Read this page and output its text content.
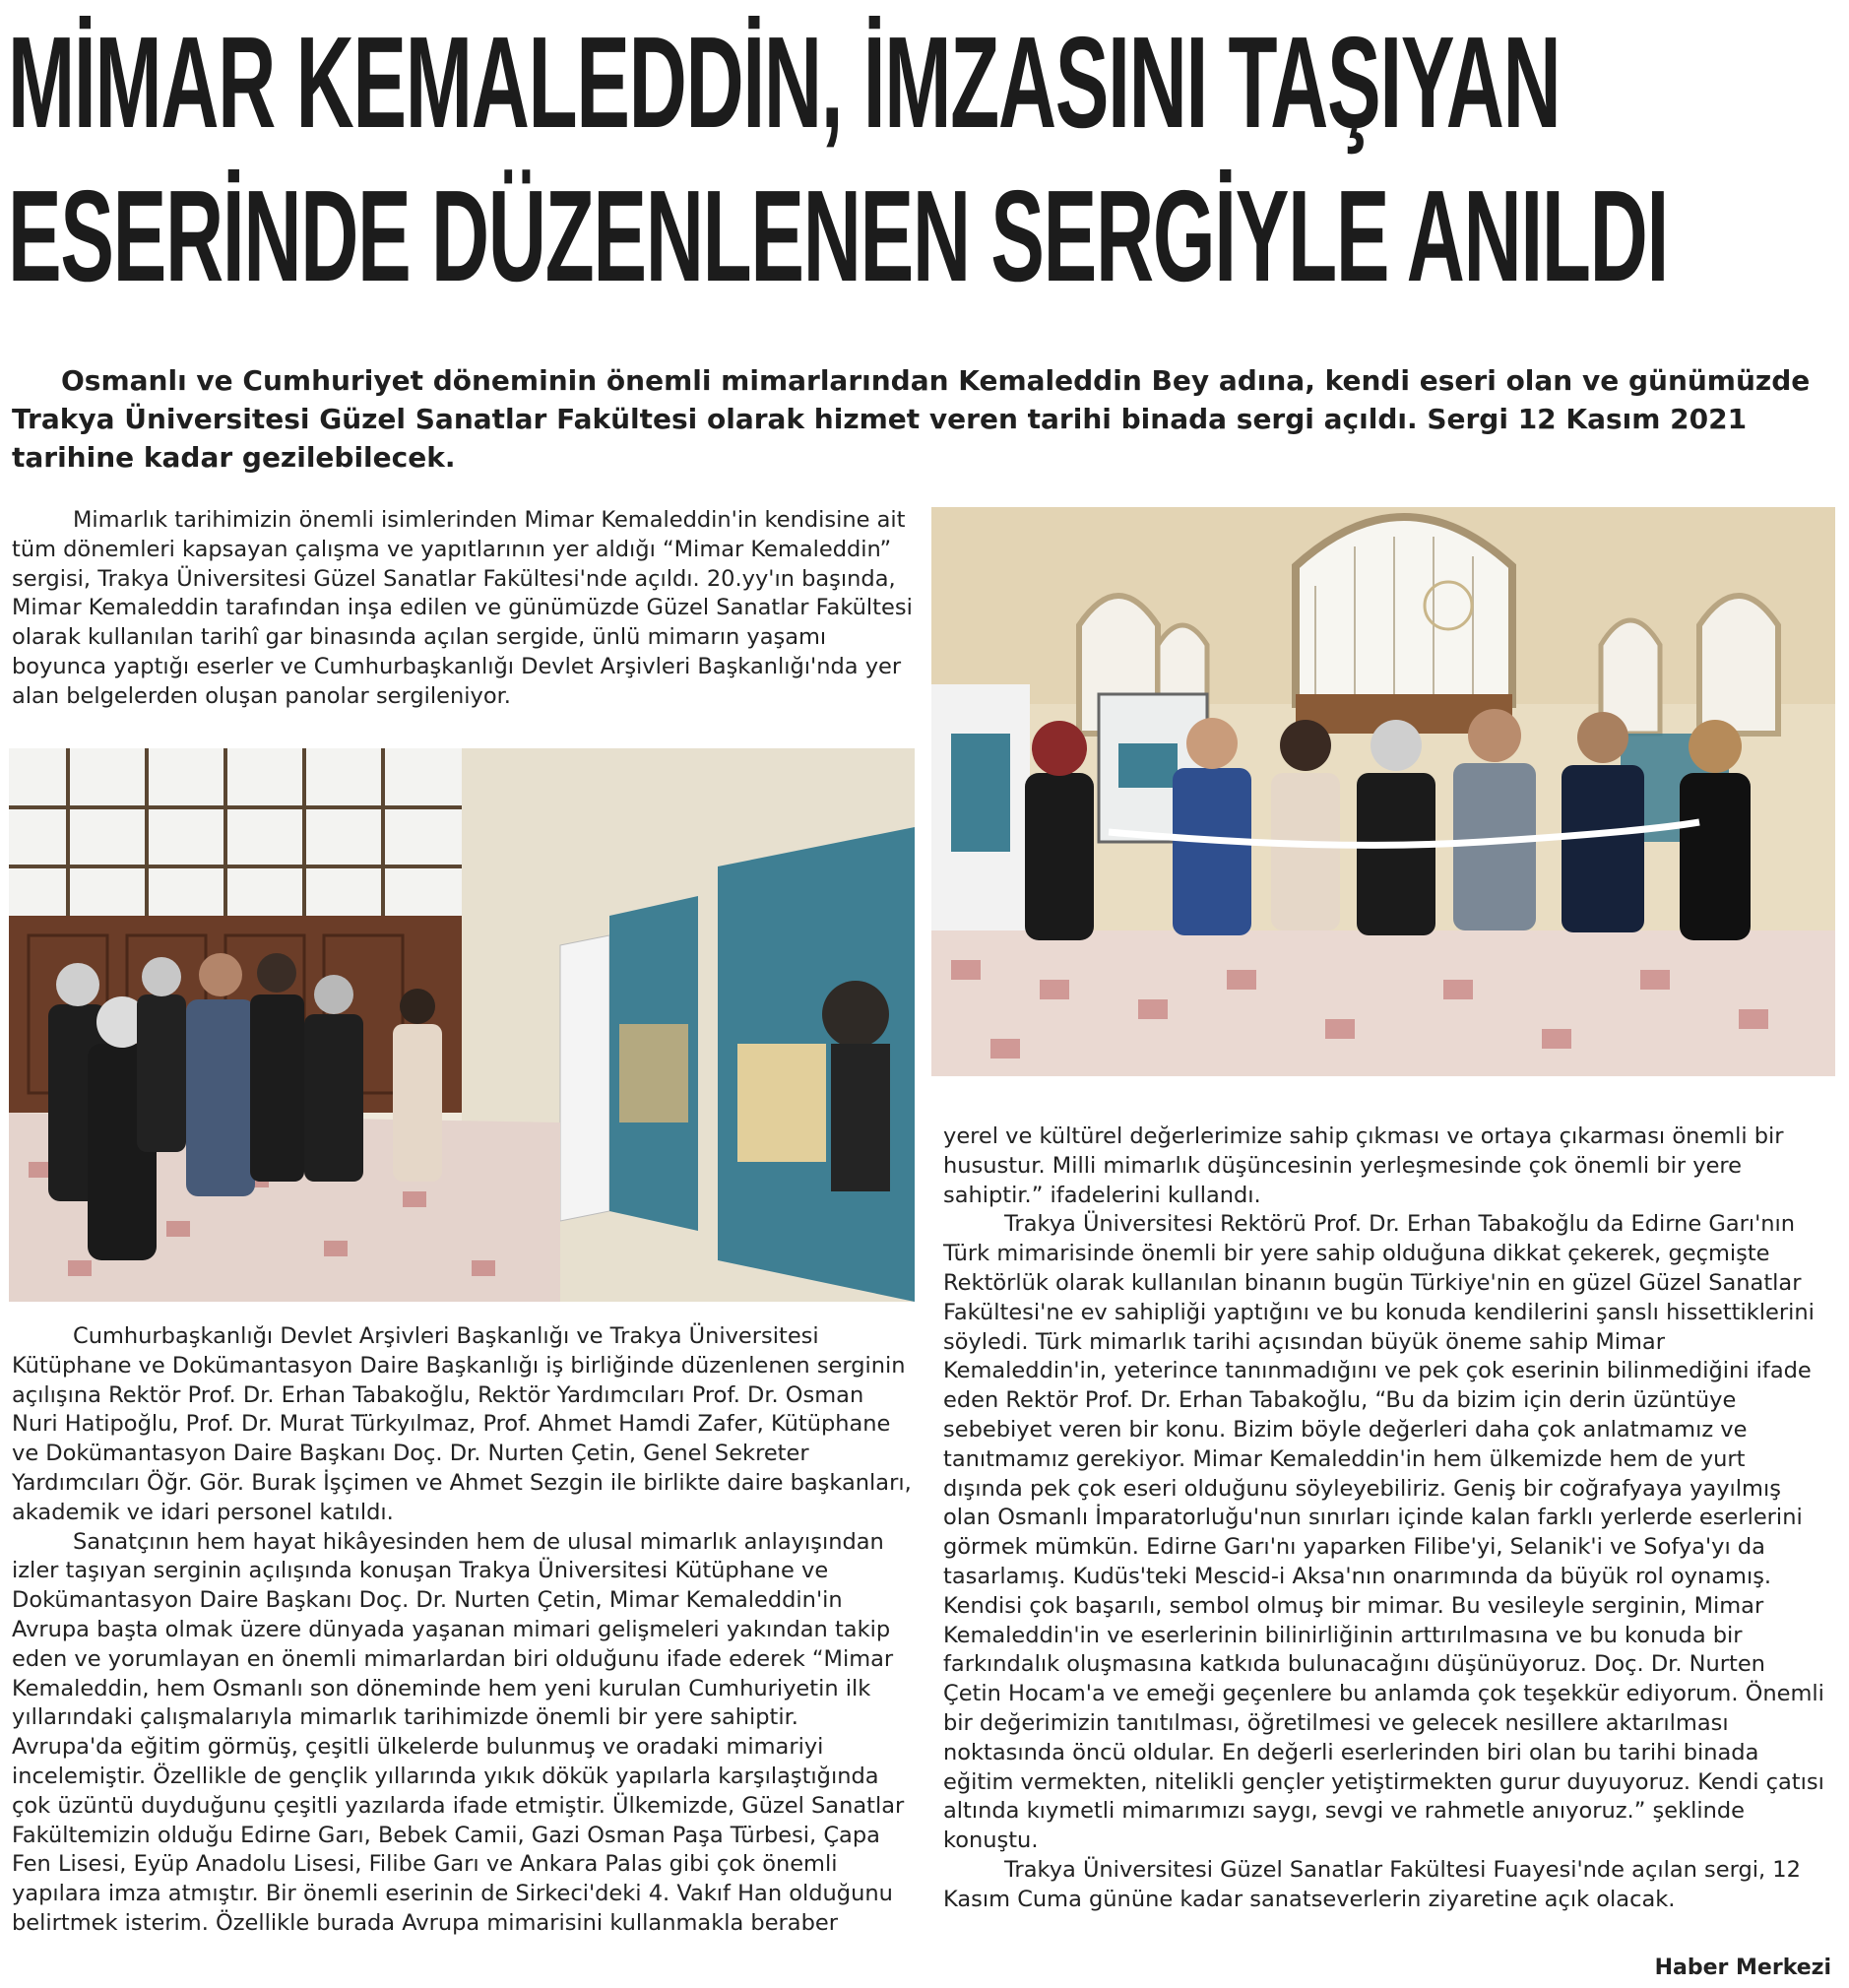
MİMAR KEMALEDDİN, İMZASINI TAŞIYAN
ESERİNDE DÜZENLENEN SERGİYLE ANILDI

Osmanlı ve Cumhuriyet döneminin önemli mimarlarından Kemaleddin Bey adına, kendi eseri olan ve günümüzde Trakya Üniversitesi Güzel Sanatlar Fakültesi olarak hizmet veren tarihi binada sergi açıldı. Sergi 12 Kasım 2021 tarihine kadar gezilebilecek.

Mimarlık tarihimizin önemli isimlerinden Mimar Kemaleddin'in kendisine ait tüm dönemleri kapsayan çalışma ve yapıtlarının yer aldığı “Mimar Kemaleddin” sergisi, Trakya Üniversitesi Güzel Sanatlar Fakültesi'nde açıldı. 20.yy'ın başında, Mimar Kemaleddin tarafından inşa edilen ve günümüzde Güzel Sanatlar Fakültesi olarak kullanılan tarihî gar binasında açılan sergide, ünlü mimarın yaşamı boyunca yaptığı eserler ve Cumhurbaşkanlığı Devlet Arşivleri Başkanlığı'nda yer alan belgelerden oluşan panolar sergileniyor.

Cumhurbaşkanlığı Devlet Arşivleri Başkanlığı ve Trakya Üniversitesi Kütüphane ve Dokümantasyon Daire Başkanlığı iş birliğinde düzenlenen serginin açılışına Rektör Prof. Dr. Erhan Tabakoğlu, Rektör Yardımcıları Prof. Dr. Osman Nuri Hatipoğlu, Prof. Dr. Murat Türkyılmaz, Prof. Ahmet Hamdi Zafer, Kütüphane ve Dokümantasyon Daire Başkanı Doç. Dr. Nurten Çetin, Genel Sekreter Yardımcıları Öğr. Gör. Burak İşçimen ve Ahmet Sezgin ile birlikte daire başkanları, akademik ve idari personel katıldı.

Sanatçının hem hayat hikâyesinden hem de ulusal mimarlık anlayışından izler taşıyan serginin açılışında konuşan Trakya Üniversitesi Kütüphane ve Dokümantasyon Daire Başkanı Doç. Dr. Nurten Çetin, Mimar Kemaleddin'in Avrupa başta olmak üzere dünyada yaşanan mimari gelişmeleri yakından takip eden ve yorumlayan en önemli mimarlardan biri olduğunu ifade ederek “Mimar Kemaleddin, hem Osmanlı son döneminde hem yeni kurulan Cumhuriyetin ilk yıllarındaki çalışmalarıyla mimarlık tarihimizde önemli bir yere sahiptir. Avrupa'da eğitim görmüş, çeşitli ülkelerde bulunmuş ve oradaki mimariyi incelemiştir. Özellikle de gençlik yıllarında yıkık dökük yapılarla karşılaştığında çok üzüntü duyduğunu çeşitli yazılarda ifade etmiştir. Ülkemizde, Güzel Sanatlar Fakültemizin olduğu Edirne Garı, Bebek Camii, Gazi Osman Paşa Türbesi, Çapa Fen Lisesi, Eyüp Anadolu Lisesi, Filibe Garı ve Ankara Palas gibi çok önemli yapılara imza atmıştır. Bir önemli eserinin de Sirkeci'deki 4. Vakıf Han olduğunu belirtmek isterim. Özellikle burada Avrupa mimarisini kullanmakla beraber

yerel ve kültürel değerlerimize sahip çıkması ve ortaya çıkarması önemli bir husustur. Milli mimarlık düşüncesinin yerleşmesinde çok önemli bir yere sahiptir.” ifadelerini kullandı.

Trakya Üniversitesi Rektörü Prof. Dr. Erhan Tabakoğlu da Edirne Garı'nın Türk mimarisinde önemli bir yere sahip olduğuna dikkat çekerek, geçmişte Rektörlük olarak kullanılan binanın bugün Türkiye'nin en güzel Güzel Sanatlar Fakültesi'ne ev sahipliği yaptığını ve bu konuda kendilerini şanslı hissettiklerini söyledi. Türk mimarlık tarihi açısından büyük öneme sahip Mimar Kemaleddin'in, yeterince tanınmadığını ve pek çok eserinin bilinmediğini ifade eden Rektör Prof. Dr. Erhan Tabakoğlu, “Bu da bizim için derin üzüntüye sebebiyet veren bir konu. Bizim böyle değerleri daha çok anlatmamız ve tanıtmamız gerekiyor. Mimar Kemaleddin'in hem ülkemizde hem de yurt dışında pek çok eseri olduğunu söyleyebiliriz. Geniş bir coğrafyaya yayılmış olan Osmanlı İmparatorluğu'nun sınırları içinde kalan farklı yerlerde eserlerini görmek mümkün. Edirne Garı'nı yaparken Filibe'yi, Selanik'i ve Sofya'yı da tasarlamış. Kudüs'teki Mescid-i Aksa'nın onarımında da büyük rol oynamış. Kendisi çok başarılı, sembol olmuş bir mimar. Bu vesileyle serginin, Mimar Kemaleddin'in ve eserlerinin bilinirliğinin arttırılmasına ve bu konuda bir farkındalık oluşmasına katkıda bulunacağını düşünüyoruz. Doç. Dr. Nurten Çetin Hocam'a ve emeği geçenlere bu anlamda çok teşekkür ediyorum. Önemli bir değerimizin tanıtılması, öğretilmesi ve gelecek nesillere aktarılması noktasında öncü oldular. En değerli eserlerinden biri olan bu tarihi binada eğitim vermekten, nitelikli gençler yetiştirmekten gurur duyuyoruz. Kendi çatısı altında kıymetli mimarımızı saygı, sevgi ve rahmetle anıyoruz.” şeklinde konuştu.

Trakya Üniversitesi Güzel Sanatlar Fakültesi Fuayesi'nde açılan sergi, 12 Kasım Cuma gününe kadar sanatseverlerin ziyaretine açık olacak.

Haber Merkezi
